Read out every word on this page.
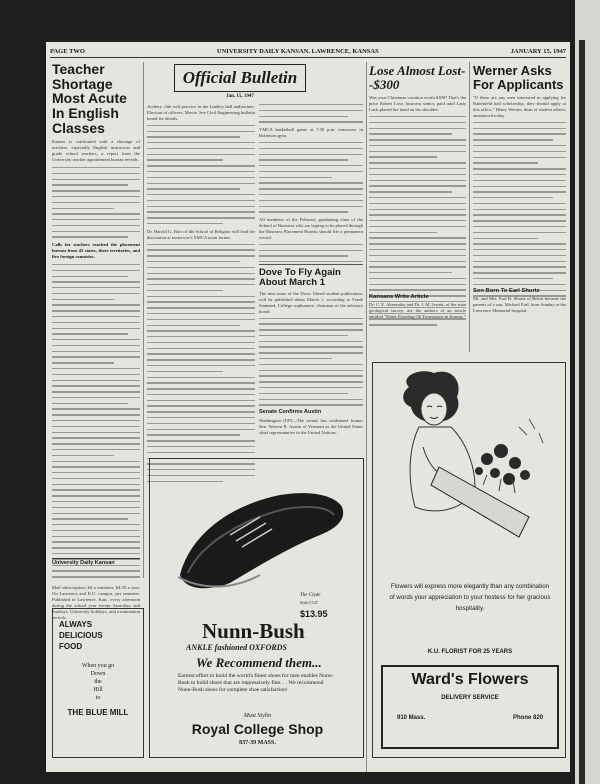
PAGE TWO	UNIVERSITY DAILY KANSAN, LAWRENCE, KANSAS	JANUARY 15, 1947
Teacher Shortage Most Acute In English Classes
Kansas is confronted with a shortage of teachers, especially English instructors and grade school teachers, a report from the University teacher appointment bureau reveals.
Calls for teachers reached the placement bureau from 43 states, three territories, and five foreign countries.
University Daily Kansan
Mail subscription: $4 a semester, $4.50 a year. On Lawrence and K.U. campus, per semester. Published in Lawrence, Kan., every afternoon during the school year except Saturdays and Sundays, University holidays, and examination periods.
Official Bulletin
Jan. 15, 1947
Archery club will practice in the Lindley hall auditorium. Election of officers. Movie. See Civil Engineering bulletin board for details.
Dr. Harold G. Barr of the School of Religion will lead the discussion at tomorrow's YMCA noon forum.
YMCA basketball game at 7:30 p.m. tomorrow in Robinson gym.
All members of the February graduating class of the School of Business who are hoping to be placed through the Business Placement Bureau should file a permanent record.
Dove To Fly Again About March 1
The next issue of the Dove, liberal student publication, will be published about March 1, according to Frank Stannard, College sophomore, chairman of the advisory board.
Senate Confirms Austin
Washington (UP)—The senate has confirmed former Sen. Warren R. Austin of Vermont as the United States chief representative to the United Nations.
The Clyde
Style C147
$13.95
Nunn-Bush
ANKLE fashioned OXFORDS
We Recommend them...
Earnest effort to build the world's finest shoes for men enables Nunn-Bush to build shoes that are impressively fine. . . We recommend Nunn-Bush shoes for complete shoe satisfaction!
Must Stylin
Royal College Shop
837-39 MASS.
ALWAYS
DELICIOUS
FOOD
When you go
Down
the
Hill
to
THE BLUE MILL
Lose Almost Lost--$300
Was your Christmas vacation worth $300? That's the price Robert Lose, business senior, paid until Lady Luck placed her hand on his shoulder.
Kansans Write Article
Dr. C. E. Abernathy and Dr. J. M. Jewett, of the state geological survey, are the authors of an article entitled "Water Flooding Oil Formations in Kansas."
Werner Asks For Applicants
"If there are any men interested in applying for Battenfeld hall scholarship, they should apply at this office," Henry Werner, dean of student affairs, announced today.
Son Born To Earl Shurtz
Mr. and Mrs. Earl B. Shurtz of Beloit became the parents of a son, Michael Earl, born Sunday at the Lawrence Memorial hospital.
Flowers will express more elegantly than any combination of words your appreciation to your hostess for her gracious hospitality.
K.U. FLORIST FOR 25 YEARS
Ward's Flowers
DELIVERY SERVICE
910 Mass.	Phone 820
